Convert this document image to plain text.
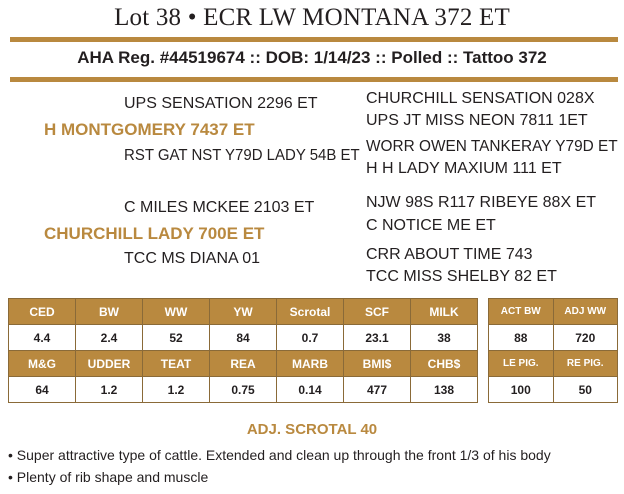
Lot 38 • ECR LW MONTANA 372 ET
AHA Reg. #44519674 :: DOB: 1/14/23 :: Polled :: Tattoo 372
UPS SENSATION 2296 ET
H MONTGOMERY 7437 ET
RST GAT NST Y79D LADY 54B ET
CHURCHILL SENSATION 028X
UPS JT MISS NEON 7811 1ET
WORR OWEN TANKERAY Y79D ET
H H LADY MAXIUM 111 ET
C MILES MCKEE 2103 ET
CHURCHILL LADY 700E ET
TCC MS DIANA 01
NJW 98S R117 RIBEYE 88X ET
C NOTICE ME ET
CRR ABOUT TIME 743
TCC MISS SHELBY 82 ET
CED	BW	WW	YW	Scrotal	SCF	MILK
4.4	2.4	52	84	0.7	23.1	38
M&G	UDDER	TEAT	REA	MARB	BMI$	CHB$
64	1.2	1.2	0.75	0.14	477	138
ACT BW	ADJ WW
88	720
LE PIG.	RE PIG.
100	50
ADJ. SCROTAL 40
• Super attractive type of cattle. Extended and clean up through the front 1/3 of his body
• Plenty of rib shape and muscle
